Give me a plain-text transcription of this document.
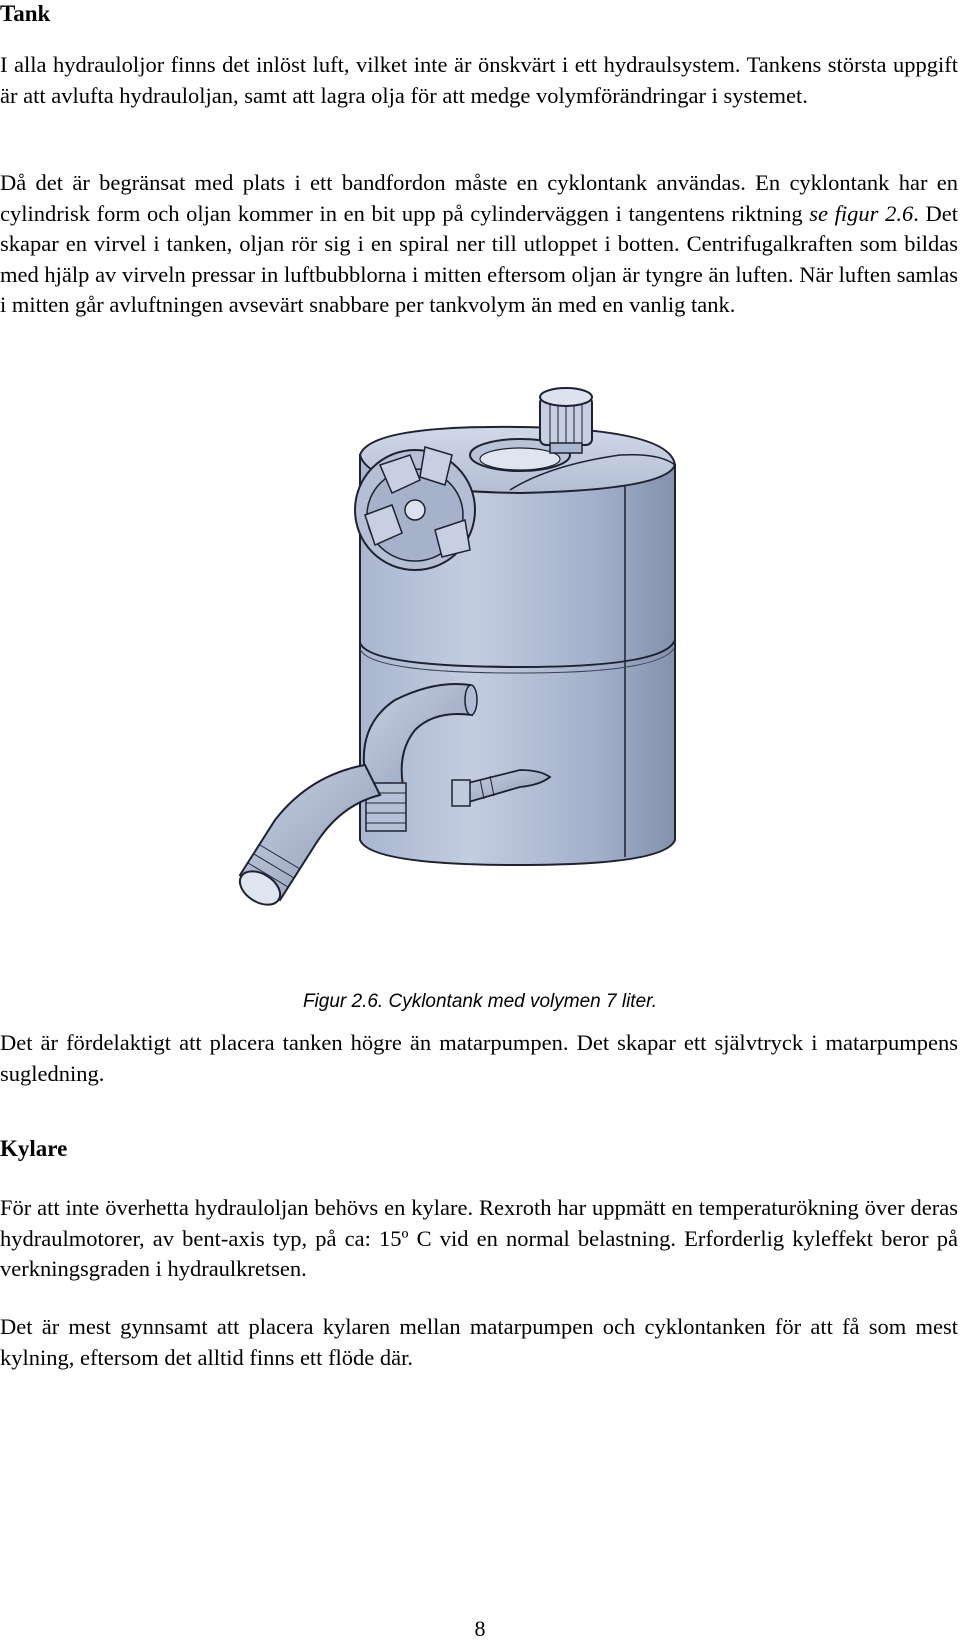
Tank

I alla hydrauloljor finns det inlöst luft, vilket inte är önskvärt i ett hydraulsystem. Tankens största uppgift är att avlufta hydrauloljan, samt att lagra olja för att medge volymförändringar i systemet.

Då det är begränsat med plats i ett bandfordon måste en cyklontank användas. En cyklontank har en cylindrisk form och oljan kommer in en bit upp på cylinderväggen i tangentens riktning se figur 2.6. Det skapar en virvel i tanken, oljan rör sig i en spiral ner till utloppet i botten. Centrifugalkraften som bildas med hjälp av virveln pressar in luftbubblorna i mitten eftersom oljan är tyngre än luften. När luften samlas i mitten går avluftningen avsevärt snabbare per tankvolym än med en vanlig tank.

Figur 2.6. Cyklontank med volymen 7 liter.

Det är fördelaktigt att placera tanken högre än matarpumpen. Det skapar ett självtryck i matarpumpens sugledning.

Kylare

För att inte överhetta hydrauloljan behövs en kylare. Rexroth har uppmätt en temperaturökning över deras hydraulmotorer, av bent-axis typ, på ca: 15º C vid en normal belastning. Erforderlig kyleffekt beror på verkningsgraden i hydraulkretsen.

Det är mest gynnsamt att placera kylaren mellan matarpumpen och cyklontanken för att få som mest kylning, eftersom det alltid finns ett flöde där.

8
